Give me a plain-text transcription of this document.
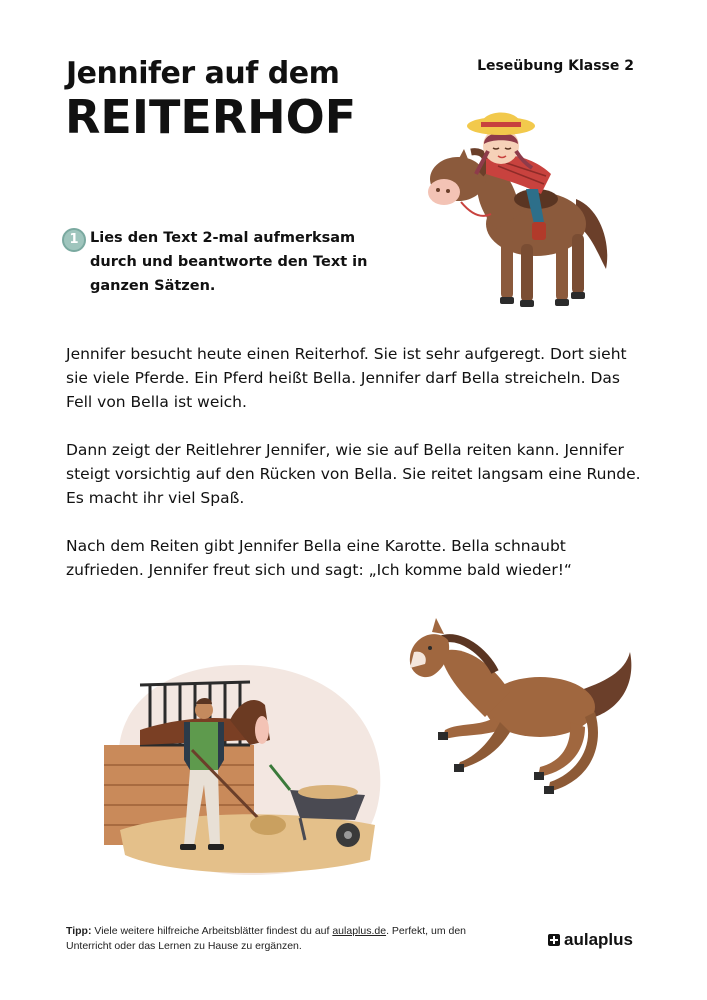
Jennifer auf dem
REITERHOF
Leseübung Klasse 2
1 Lies den Text 2-mal aufmerksam durch und beantworte den Text in ganzen Sätzen.

Jennifer besucht heute einen Reiterhof. Sie ist sehr aufgeregt. Dort sieht sie viele Pferde. Ein Pferd heißt Bella. Jennifer darf Bella streicheln. Das Fell von Bella ist weich.

Dann zeigt der Reitlehrer Jennifer, wie sie auf Bella reiten kann. Jennifer steigt vorsichtig auf den Rücken von Bella. Sie reitet langsam eine Runde. Es macht ihr viel Spaß.

Nach dem Reiten gibt Jennifer Bella eine Karotte. Bella schnaubt zufrieden. Jennifer freut sich und sagt: „Ich komme bald wieder!“

Tipp: Viele weitere hilfreiche Arbeitsblätter findest du auf aulaplus.de. Perfekt, um den Unterricht oder das Lernen zu Hause zu ergänzen.	aulaplus
